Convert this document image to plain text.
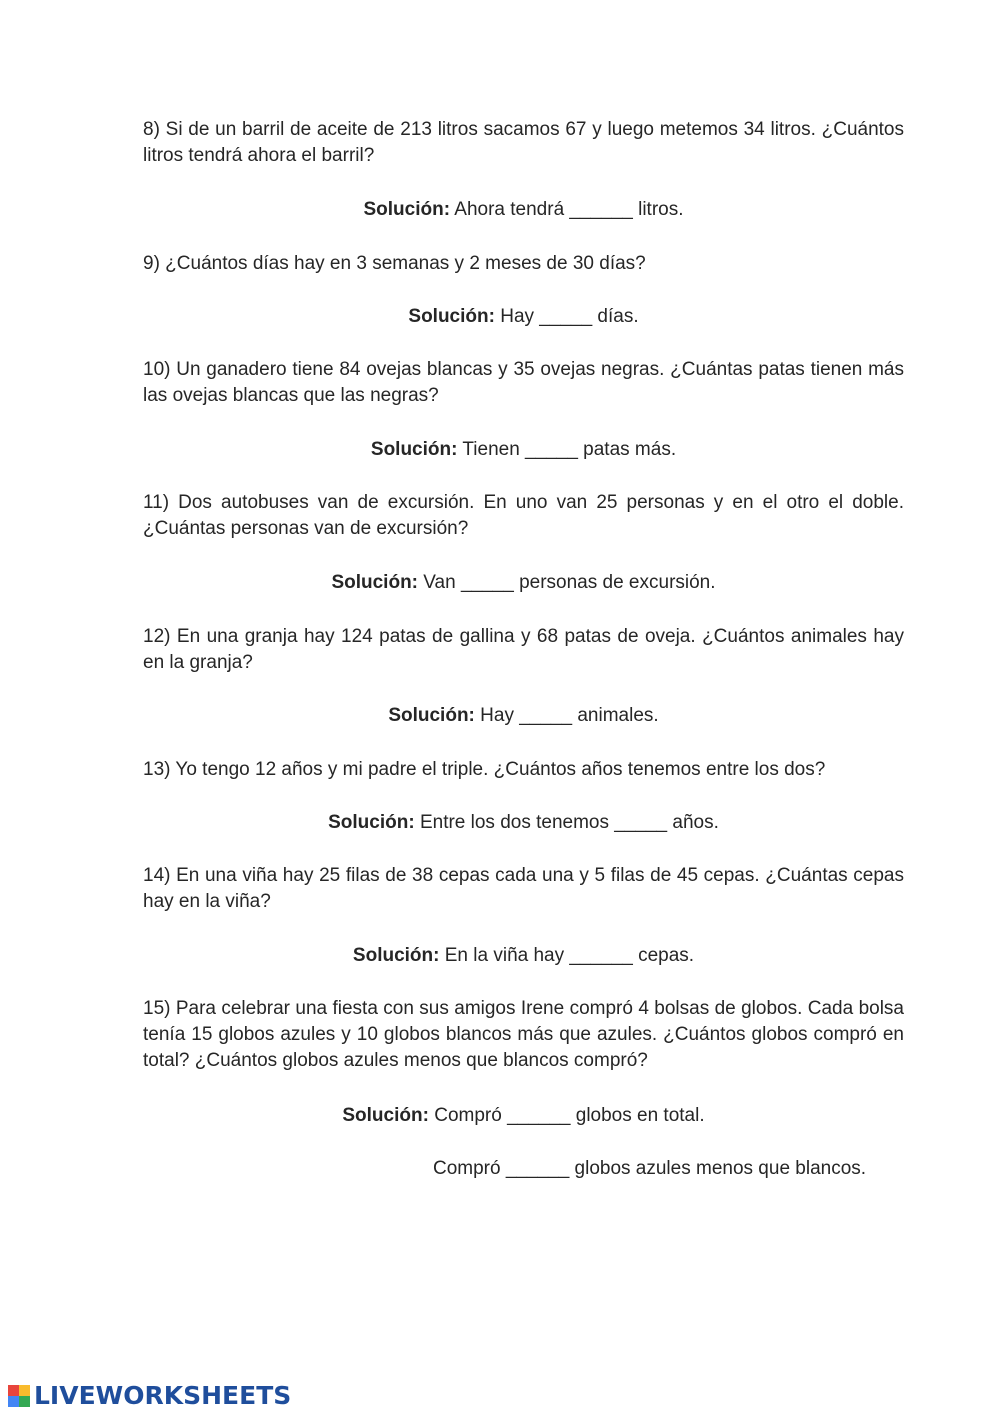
8) Si de un barril de aceite de 213 litros sacamos 67 y luego metemos 34 litros. ¿Cuántos litros tendrá ahora el barril?

Solución: Ahora tendrá ______ litros.

9) ¿Cuántos días hay en 3 semanas y 2 meses de 30 días?

Solución: Hay _____ días.

10) Un ganadero tiene 84 ovejas blancas y 35 ovejas negras. ¿Cuántas patas tienen más las ovejas blancas que las negras?

Solución: Tienen _____ patas más.

11) Dos autobuses van de excursión. En uno van 25 personas y en el otro el doble. ¿Cuántas personas van de excursión?

Solución: Van _____ personas de excursión.

12) En una granja hay 124 patas de gallina y 68 patas de oveja. ¿Cuántos animales hay en la granja?

Solución: Hay _____ animales.

13) Yo tengo 12 años y mi padre el triple. ¿Cuántos años tenemos entre los dos?

Solución: Entre los dos tenemos _____ años.

14) En una viña hay 25 filas de 38 cepas cada una y 5 filas de 45 cepas. ¿Cuántas cepas hay en la viña?

Solución: En la viña hay ______ cepas.

15) Para celebrar una fiesta con sus amigos Irene compró 4 bolsas de globos. Cada bolsa tenía 15 globos azules y 10 globos blancos más que azules. ¿Cuántos globos compró en total? ¿Cuántos globos azules menos que blancos compró?

Solución: Compró ______ globos en total.

Compró ______ globos azules menos que blancos.

LIVEWORKSHEETS
